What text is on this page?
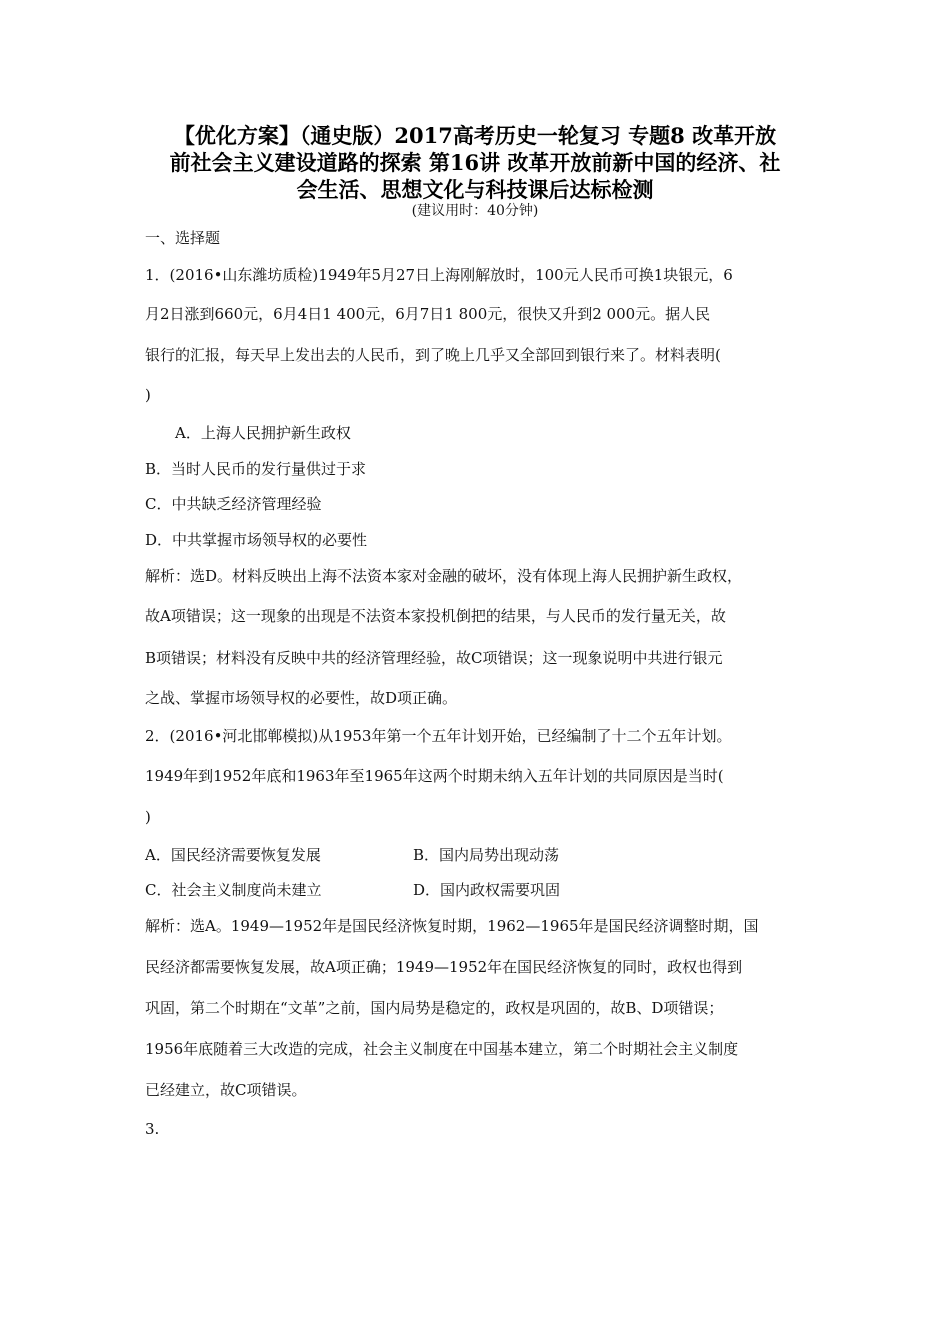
【优化方案】（通史版）2017高考历史一轮复习 专题8 改革开放
前社会主义建设道路的探索 第16讲 改革开放前新中国的经济、社
会生活、思想文化与科技课后达标检测
(建议用时：40分钟)
一、选择题
1．(2016•山东潍坊质检)1949年5月27日上海刚解放时，100元人民币可换1块银元，6
月2日涨到660元，6月4日1 400元，6月7日1 800元，很快又升到2 000元。据人民
银行的汇报，每天早上发出去的人民币，到了晚上几乎又全部回到银行来了。材料表明(
)
A．上海人民拥护新生政权
B．当时人民币的发行量供过于求
C．中共缺乏经济管理经验
D．中共掌握市场领导权的必要性
解析：选D。材料反映出上海不法资本家对金融的破坏，没有体现上海人民拥护新生政权，
故A项错误；这一现象的出现是不法资本家投机倒把的结果，与人民币的发行量无关，故
B项错误；材料没有反映中共的经济管理经验，故C项错误；这一现象说明中共进行银元
之战、掌握市场领导权的必要性，故D项正确。
2．(2016•河北邯郸模拟)从1953年第一个五年计划开始，已经编制了十二个五年计划。
1949年到1952年底和1963年至1965年这两个时期未纳入五年计划的共同原因是当时(
)
A．国民经济需要恢复发展	B．国内局势出现动荡
C．社会主义制度尚未建立	D．国内政权需要巩固
解析：选A。1949—1952年是国民经济恢复时期，1962—1965年是国民经济调整时期，国
民经济都需要恢复发展，故A项正确；1949—1952年在国民经济恢复的同时，政权也得到
巩固，第二个时期在“文革”之前，国内局势是稳定的，政权是巩固的，故B、D项错误；
1956年底随着三大改造的完成，社会主义制度在中国基本建立，第二个时期社会主义制度
已经建立，故C项错误。
3.
